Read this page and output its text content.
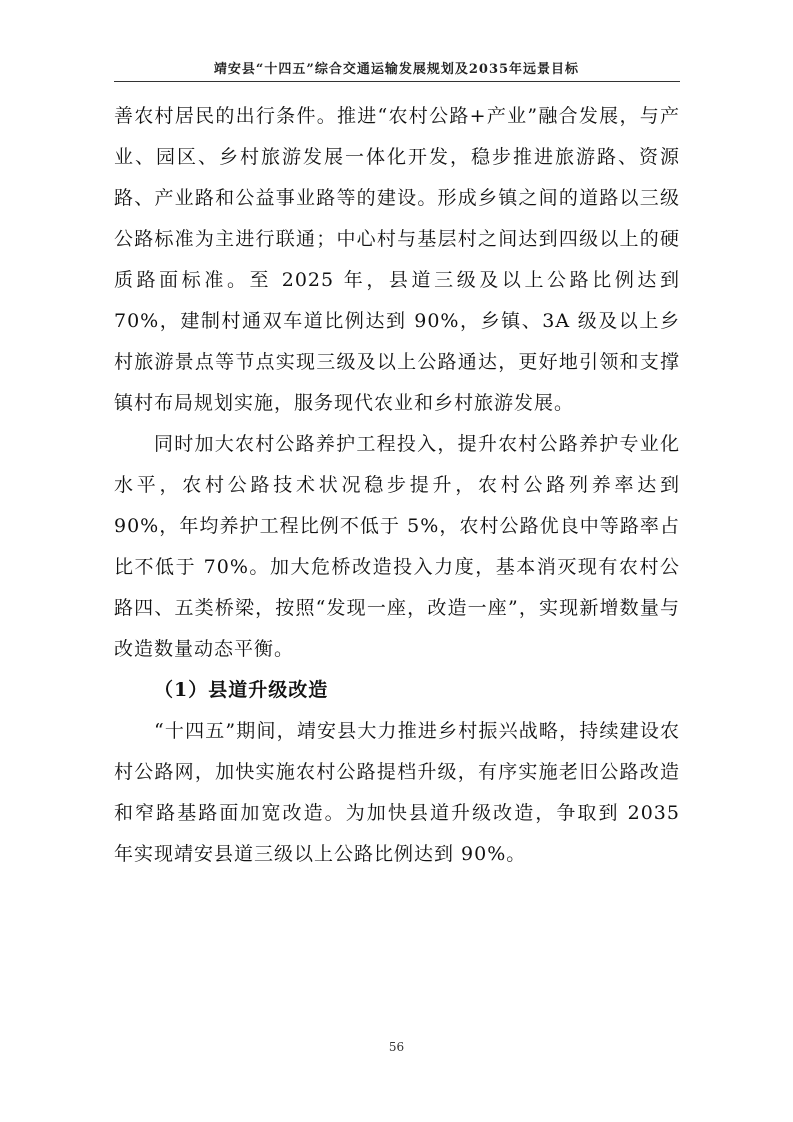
靖安县“十四五”综合交通运输发展规划及2035年远景目标

善农村居民的出行条件。推进“农村公路+产业”融合发展，与产业、园区、乡村旅游发展一体化开发，稳步推进旅游路、资源路、产业路和公益事业路等的建设。形成乡镇之间的道路以三级公路标准为主进行联通；中心村与基层村之间达到四级以上的硬质路面标准。至 2025 年，县道三级及以上公路比例达到 70%，建制村通双车道比例达到 90%，乡镇、3A 级及以上乡村旅游景点等节点实现三级及以上公路通达，更好地引领和支撑镇村布局规划实施，服务现代农业和乡村旅游发展。

同时加大农村公路养护工程投入，提升农村公路养护专业化水平，农村公路技术状况稳步提升，农村公路列养率达到 90%，年均养护工程比例不低于 5%，农村公路优良中等路率占比不低于 70%。加大危桥改造投入力度，基本消灭现有农村公路四、五类桥梁，按照“发现一座，改造一座”，实现新增数量与改造数量动态平衡。

（1）县道升级改造

“十四五”期间，靖安县大力推进乡村振兴战略，持续建设农村公路网，加快实施农村公路提档升级，有序实施老旧公路改造和窄路基路面加宽改造。为加快县道升级改造，争取到 2035 年实现靖安县道三级以上公路比例达到 90%。

56
